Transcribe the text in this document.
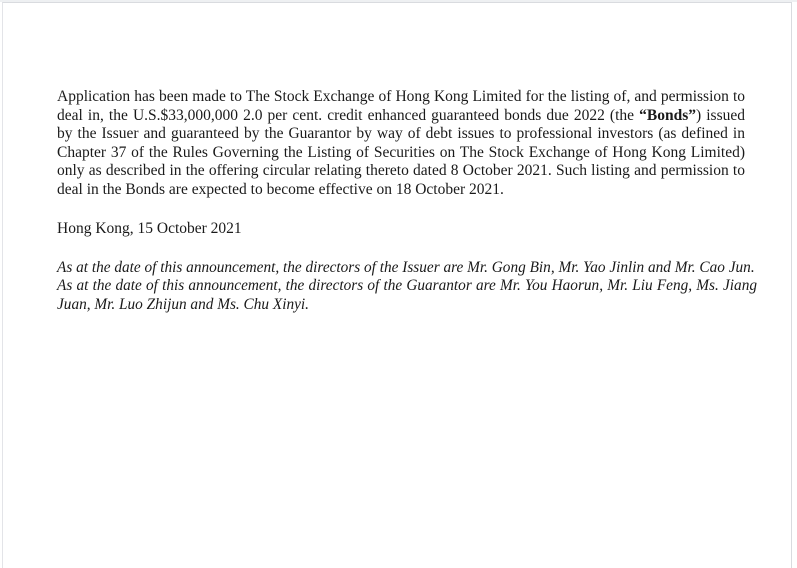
Application has been made to The Stock Exchange of Hong Kong Limited for the listing of, and permission to deal in, the U.S.$33,000,000 2.0 per cent. credit enhanced guaranteed bonds due 2022 (the “Bonds”) issued by the Issuer and guaranteed by the Guarantor by way of debt issues to professional investors (as defined in Chapter 37 of the Rules Governing the Listing of Securities on The Stock Exchange of Hong Kong Limited) only as described in the offering circular relating thereto dated 8 October 2021. Such listing and permission to deal in the Bonds are expected to become effective on 18 October 2021.

Hong Kong, 15 October 2021

As at the date of this announcement, the directors of the Issuer are Mr. Gong Bin, Mr. Yao Jinlin and Mr. Cao Jun.

As at the date of this announcement, the directors of the Guarantor are Mr. You Haorun, Mr. Liu Feng, Ms. Jiang Juan, Mr. Luo Zhijun and Ms. Chu Xinyi.
